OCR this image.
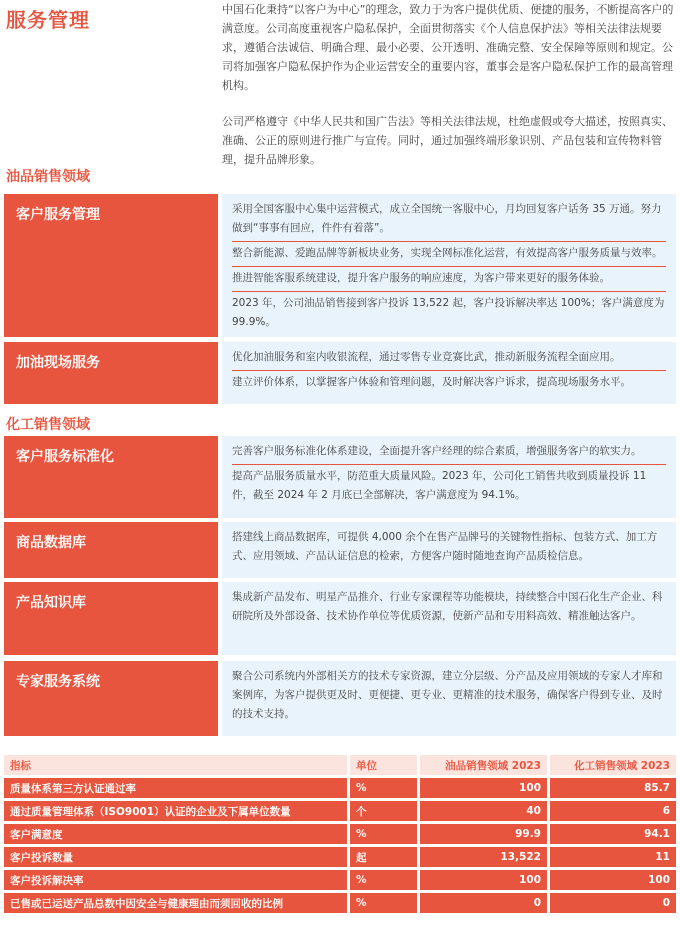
服务管理	中国石化秉持“以客户为中心”的理念，致力于为客户提供优质、便捷的服务，不断提高客户的满意度。公司高度重视客户隐私保护，全面贯彻落实《个人信息保护法》等相关法律法规要求，遵循合法诚信、明确合理、最小必要、公开透明、准确完整、安全保障等原则和规定。公司将加强客户隐私保护作为企业运营安全的重要内容，董事会是客户隐私保护工作的最高管理机构。

公司严格遵守《中华人民共和国广告法》等相关法律法规，杜绝虚假或夸大描述，按照真实、准确、公正的原则进行推广与宣传。同时，通过加强终端形象识别、产品包装和宣传物料管理，提升品牌形象。

油品销售领域
客户服务管理	采用全国客服中心集中运营模式，成立全国统一客服中心，月均回复客户话务 35 万通。努力做到“事事有回应，件件有着落”。
整合新能源、爱跑品牌等新板块业务，实现全网标准化运营，有效提高客户服务质量与效率。
推进智能客服系统建设，提升客户服务的响应速度，为客户带来更好的服务体验。
2023 年，公司油品销售接到客户投诉 13,522 起，客户投诉解决率达 100%；客户满意度为 99.9%。
加油现场服务	优化加油服务和室内收银流程，通过零售专业竞赛比武，推动新服务流程全面应用。
建立评价体系，以掌握客户体验和管理问题，及时解决客户诉求，提高现场服务水平。
化工销售领域
客户服务标准化	完善客户服务标准化体系建设，全面提升客户经理的综合素质，增强服务客户的软实力。
提高产品服务质量水平，防范重大质量风险。2023 年，公司化工销售共收到质量投诉 11 件，截至 2024 年 2 月底已全部解决，客户满意度为 94.1%。
商品数据库	搭建线上商品数据库，可提供 4,000 余个在售产品牌号的关键物性指标、包装方式、加工方式、应用领域、产品认证信息的检索，方便客户随时随地查询产品质检信息。
产品知识库	集成新产品发布、明星产品推介、行业专家课程等功能模块，持续整合中国石化生产企业、科研院所及外部设备、技术协作单位等优质资源，使新产品和专用料高效、精准触达客户。
专家服务系统	聚合公司系统内外部相关方的技术专家资源，建立分层级、分产品及应用领域的专家人才库和案例库，为客户提供更及时、更便捷、更专业、更精准的技术服务，确保客户得到专业、及时的技术支持。
指标	单位	油品销售领域 2023	化工销售领域 2023
质量体系第三方认证通过率	%	100	85.7
通过质量管理体系（ISO9001）认证的企业及下属单位数量	个	40	6
客户满意度	%	99.9	94.1
客户投诉数量	起	13,522	11
客户投诉解决率	%	100	100
已售或已运送产品总数中因安全与健康理由而须回收的比例	%	0	0
